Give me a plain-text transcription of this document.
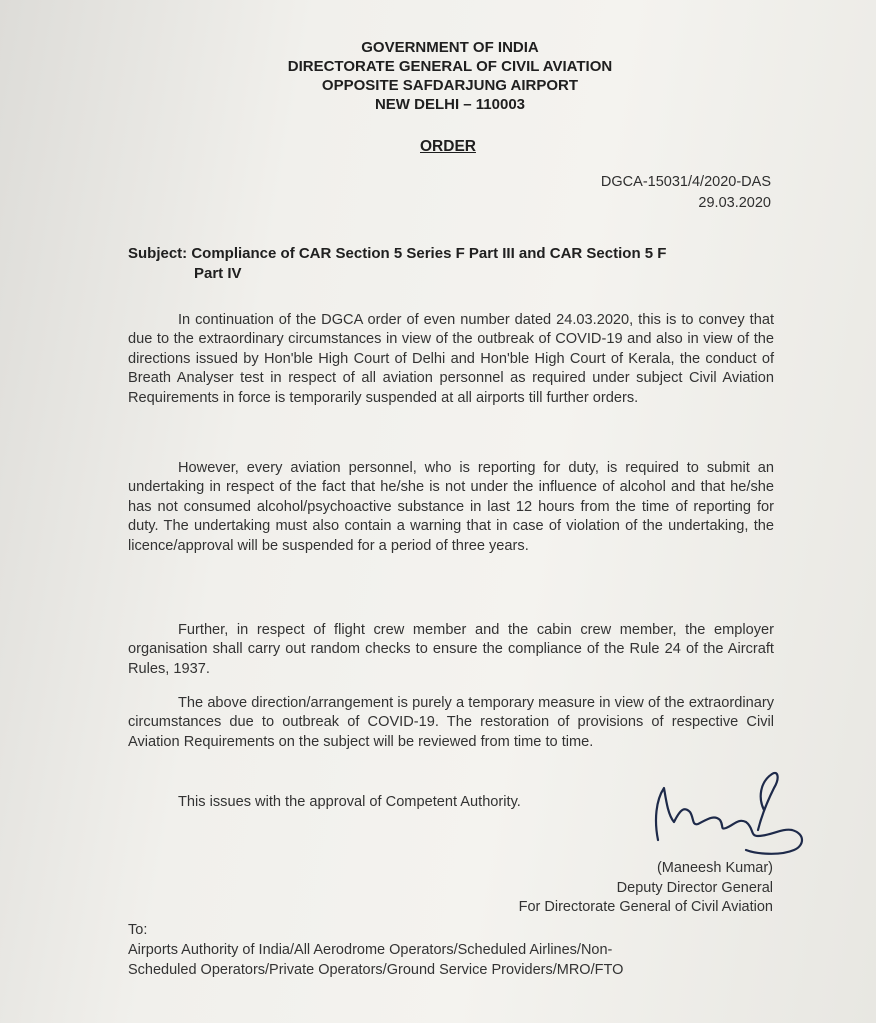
GOVERNMENT OF INDIA
DIRECTORATE GENERAL OF CIVIL AVIATION
OPPOSITE SAFDARJUNG AIRPORT
NEW DELHI – 110003
ORDER
DGCA-15031/4/2020-DAS
29.03.2020
Subject: Compliance of CAR Section 5 Series F Part III and CAR Section 5 F
Part IV
In continuation of the DGCA order of even number dated 24.03.2020, this is to convey that due to the extraordinary circumstances in view of the outbreak of COVID-19 and also in view of the directions issued by Hon'ble High Court of Delhi and Hon'ble High Court of Kerala, the conduct of Breath Analyser test in respect of all aviation personnel as required under subject Civil Aviation Requirements in force is temporarily suspended at all airports till further orders.
However, every aviation personnel, who is reporting for duty, is required to submit an undertaking in respect of the fact that he/she is not under the influence of alcohol and that he/she has not consumed alcohol/psychoactive substance in last 12 hours from the time of reporting for duty. The undertaking must also contain a warning that in case of violation of the undertaking, the licence/approval will be suspended for a period of three years.
Further, in respect of flight crew member and the cabin crew member, the employer organisation shall carry out random checks to ensure the compliance of the Rule 24 of the Aircraft Rules, 1937.
The above direction/arrangement is purely a temporary measure in view of the extraordinary circumstances due to outbreak of COVID-19. The restoration of provisions of respective Civil Aviation Requirements on the subject will be reviewed from time to time.
This issues with the approval of Competent Authority.
(Maneesh Kumar)
Deputy Director General
For Directorate General of Civil Aviation
To:
Airports Authority of India/All Aerodrome Operators/Scheduled Airlines/Non-
Scheduled Operators/Private Operators/Ground Service Providers/MRO/FTO
